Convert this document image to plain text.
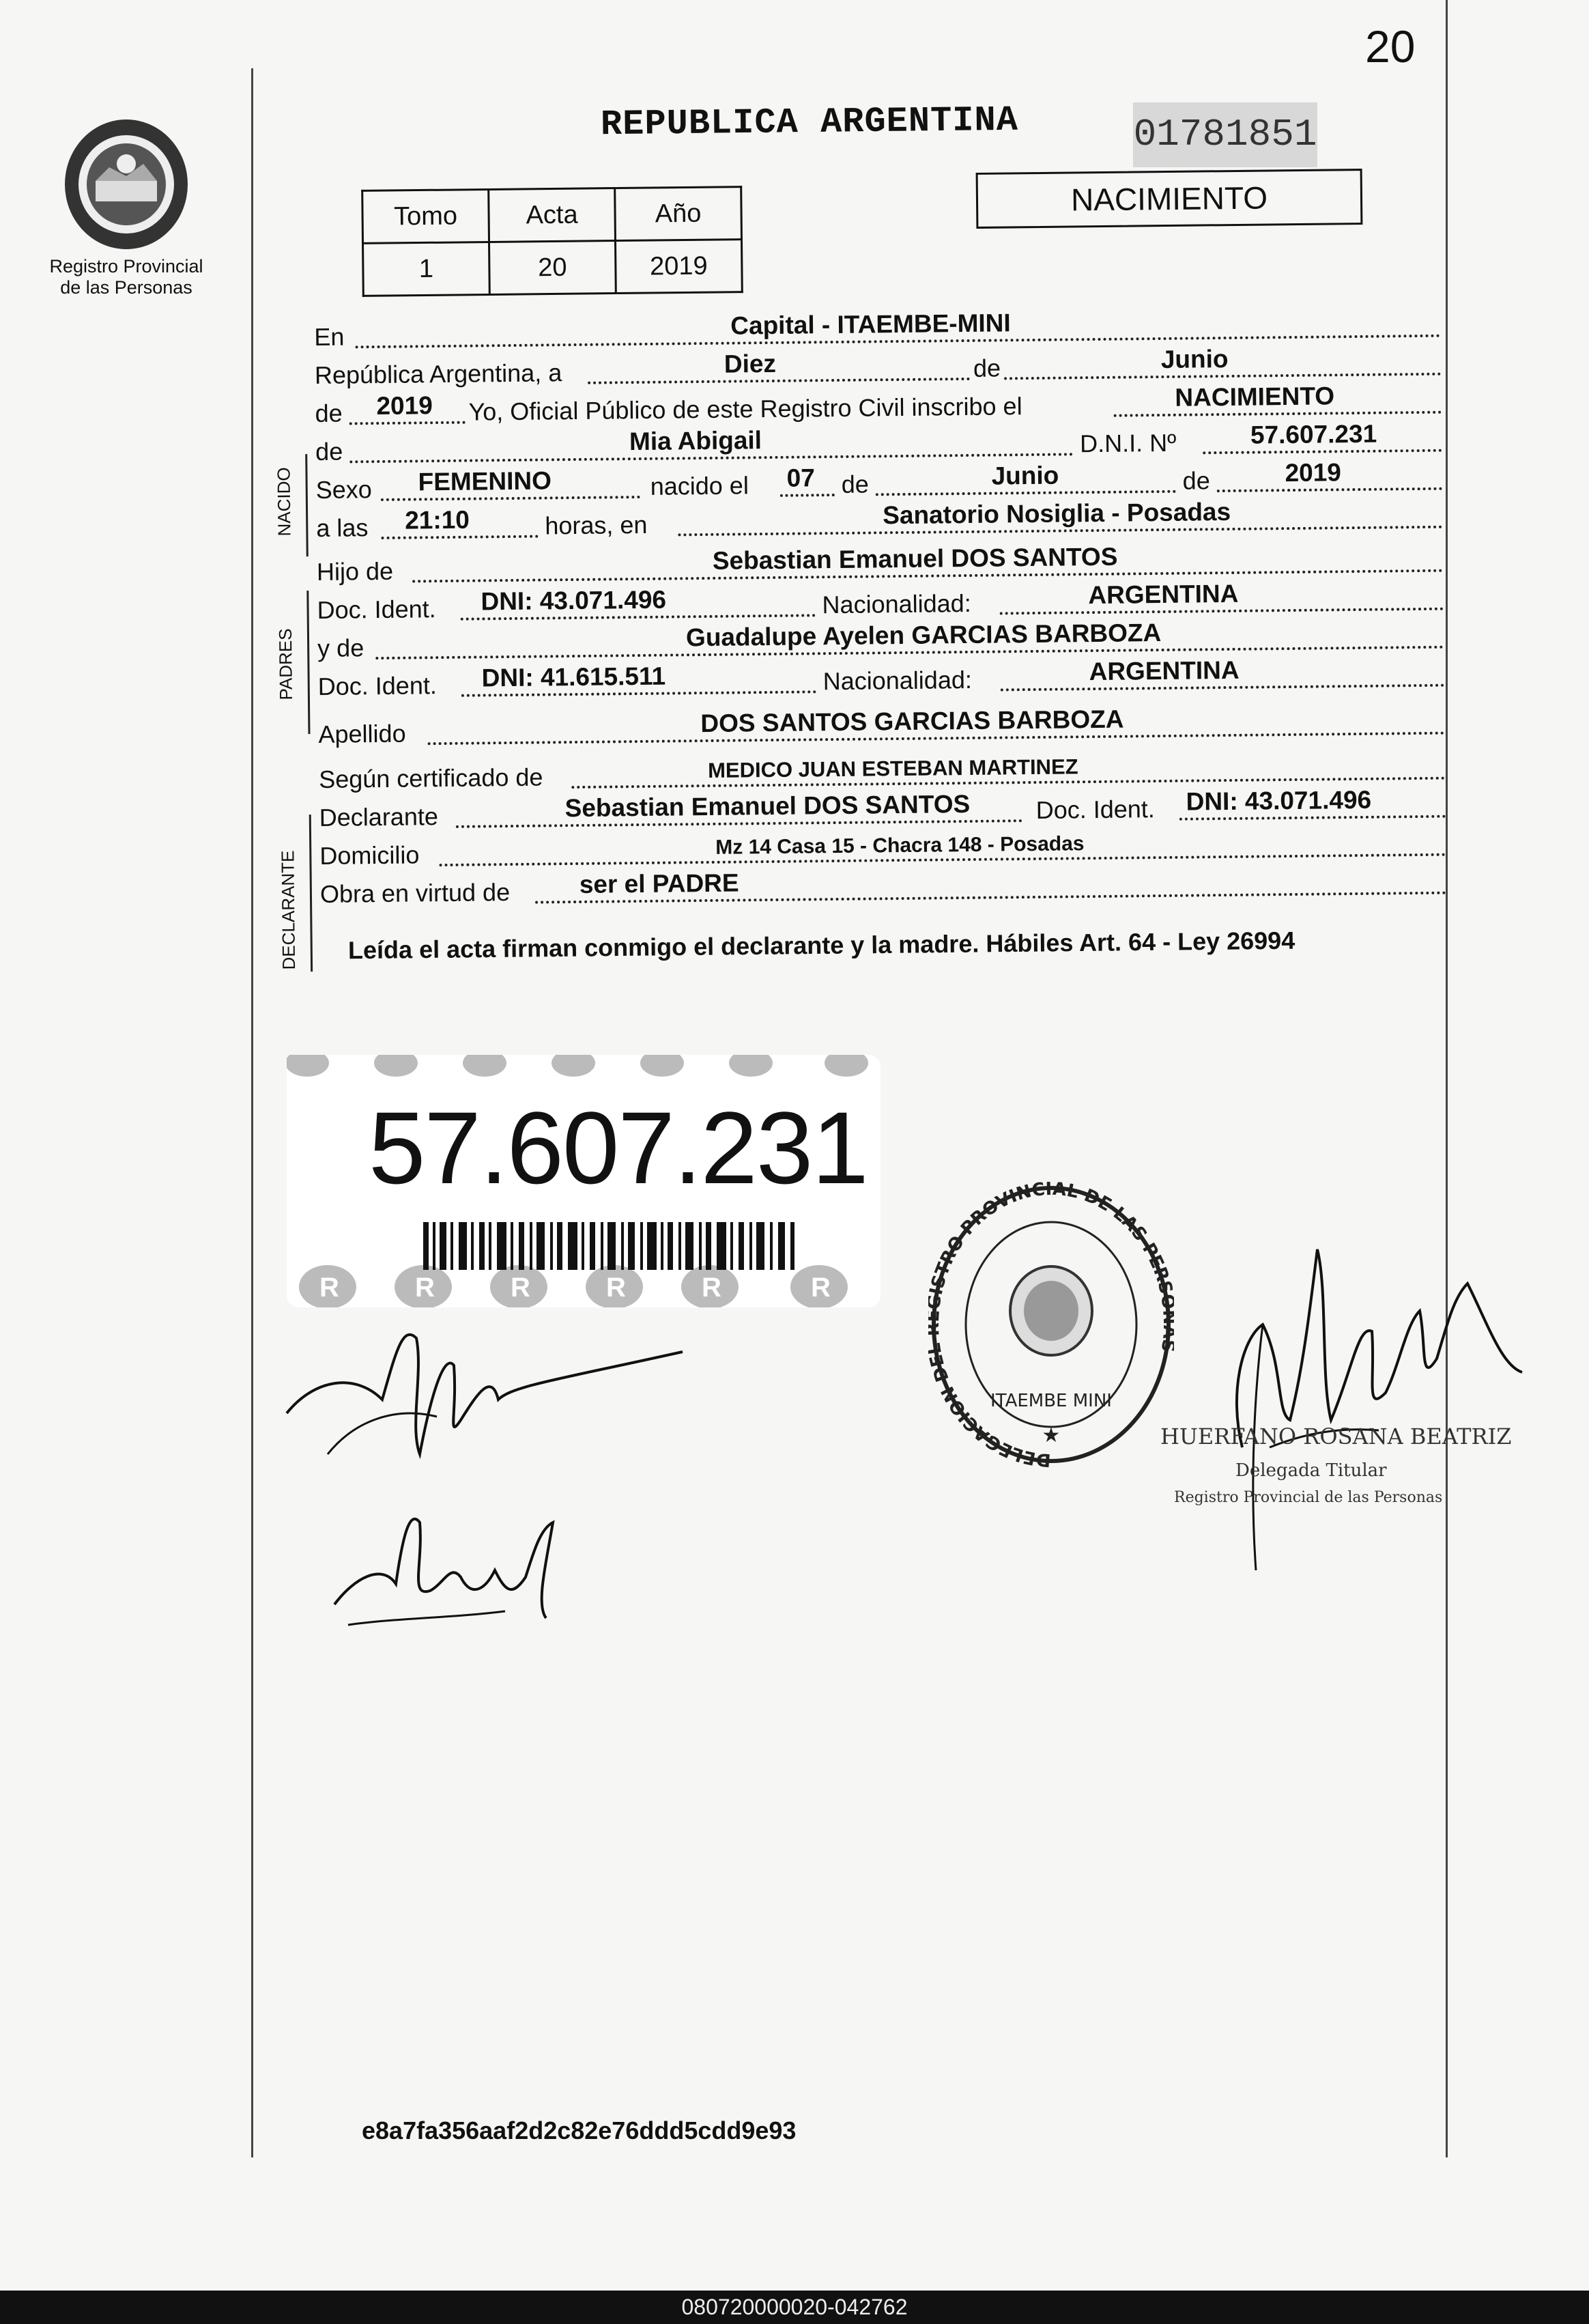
20
Registro Provincial
de las Personas
REPUBLICA ARGENTINA	01781851
Tomo	Acta	Año
1	20	2019
NACIMIENTO
En	Capital - ITAEMBE-MINI
República Argentina, a	Diez	de	Junio
de 2019 Yo, Oficial Público de este Registro Civil inscribo el	NACIMIENTO
NACIDO
de	Mia Abigail	D.N.I. Nº	57.607.231
Sexo FEMENINO	nacido el 07 de	Junio	de	2019
a las 21:10	horas, en	Sanatorio Nosiglia - Posadas
PADRES
Hijo de	Sebastian Emanuel DOS SANTOS
Doc. Ident. DNI: 43.071.496	Nacionalidad:	ARGENTINA
y de	Guadalupe Ayelen GARCIAS BARBOZA
Doc. Ident. DNI: 41.615.511	Nacionalidad:	ARGENTINA
Apellido	DOS SANTOS GARCIAS BARBOZA
DECLARANTE
Según certificado de	MEDICO JUAN ESTEBAN MARTINEZ
Declarante	Sebastian Emanuel DOS SANTOS	Doc. Ident. DNI: 43.071.496
Domicilio	Mz 14 Casa 15 - Chacra 148 - Posadas
Obra en virtud de	ser el PADRE
Leída el acta firman conmigo el declarante y la madre. Hábiles Art. 64 - Ley 26994
R	R	R	R	R	R
57.607.231
DELEGACION DE STRO PROVINCIAL DE LAS PERS
ITAEMBE MINI
★	HUERFANO ROSANA BEATRIZ
Delegada Titular
Registro Provincial de las Personas
e8a7fa356aaf2d2c82e76ddd5cdd9e93
080720000020-042762
